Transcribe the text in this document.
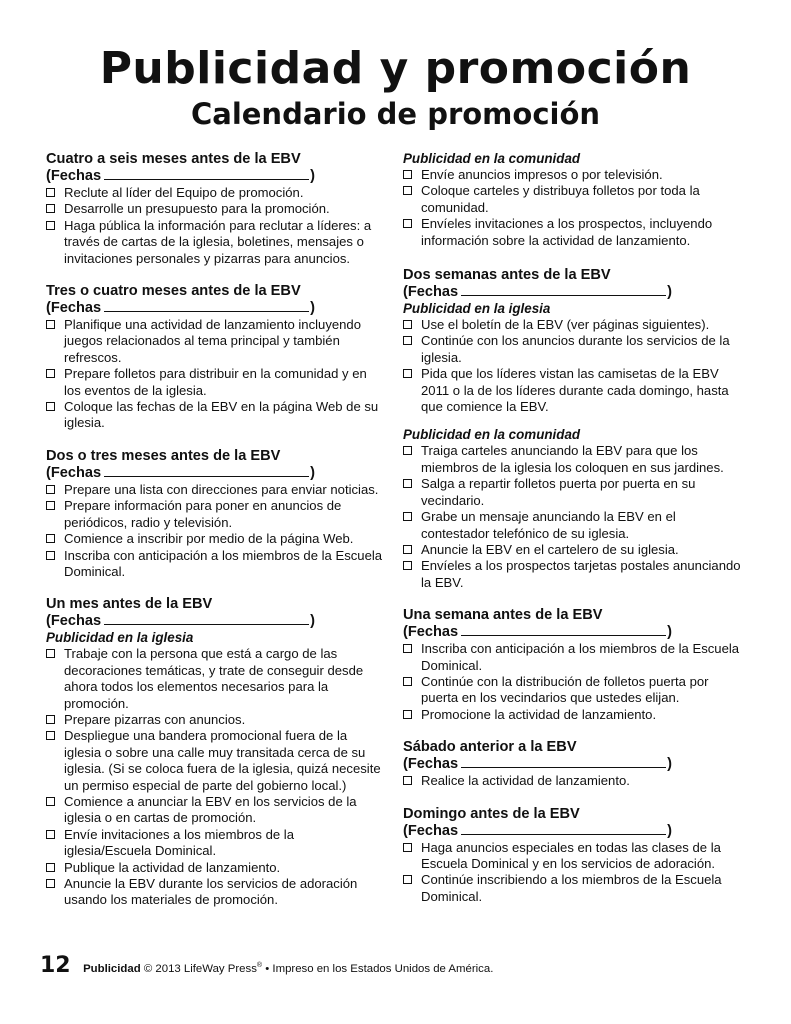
Publicidad y promoción
Calendario de promoción

Cuatro a seis meses antes de la EBV

(Fechas	)

Reclute al líder del Equipo de promoción.
Desarrolle un presupuesto para la promoción.
Haga pública la información para reclutar a líderes: a través de cartas de la iglesia, boletines, mensajes o invitaciones personales y pizarras para anuncios.

Tres o cuatro meses antes de la EBV

(Fechas	)

Planifique una actividad de lanzamiento incluyendo juegos relacionados al tema principal y también refrescos.
Prepare folletos para distribuir en la comunidad y en los eventos de la iglesia.
Coloque las fechas de la EBV en la página Web de su iglesia.

Dos o tres meses antes de la EBV

(Fechas	)

Prepare una lista con direcciones para enviar noticias.
Prepare información para poner en anuncios de periódicos, radio y televisión.
Comience a inscribir por medio de la página Web.
Inscriba con anticipación a los miembros de la Escuela Dominical.

Un mes antes de la EBV

(Fechas	)

Publicidad en la iglesia

Trabaje con la persona que está a cargo de las decoraciones temáticas, y trate de conseguir desde ahora todos los elementos necesarios para la promoción.
Prepare pizarras con anuncios.
Despliegue una bandera promocional fuera de la iglesia o sobre una calle muy transitada cerca de su iglesia. (Si se coloca fuera de la iglesia, quizá necesite un permiso especial de parte del gobierno local.)
Comience a anunciar la EBV en los servicios de la iglesia o en cartas de promoción.
Envíe invitaciones a los miembros de la iglesia/Escuela Dominical.
Publique la actividad de lanzamiento.
Anuncie la EBV durante los servicios de adoración usando los materiales de promoción.

Publicidad en la comunidad

Envíe anuncios impresos o por televisión.
Coloque carteles y distribuya folletos por toda la comunidad.
Envíeles invitaciones a los prospectos, incluyendo información sobre la actividad de lanzamiento.

Dos semanas antes de la EBV

(Fechas	)

Publicidad en la iglesia

Use el boletín de la EBV (ver páginas siguientes).
Continúe con los anuncios durante los servicios de la iglesia.
Pida que los líderes vistan las camisetas de la EBV 2011 o la de los líderes durante cada domingo, hasta que comience la EBV.

Publicidad en la comunidad

Traiga carteles anunciando la EBV para que los miembros de la iglesia los coloquen en sus jardines.
Salga a repartir folletos puerta por puerta en su vecindario.
Grabe un mensaje anunciando la EBV en el contestador telefónico de su iglesia.
Anuncie la EBV en el cartelero de su iglesia.
Envíeles a los prospectos tarjetas postales anunciando la EBV.

Una semana antes de la EBV

(Fechas	)

Inscriba con anticipación a los miembros de la Escuela Dominical.
Continúe con la distribución de folletos puerta por puerta en los vecindarios que ustedes elijan.
Promocione la actividad de lanzamiento.

Sábado anterior a la EBV

(Fechas	)

Realice la actividad de lanzamiento.

Domingo antes de la EBV

(Fechas	)

Haga anuncios especiales en todas las clases de la Escuela Dominical y en los servicios de adoración.
Continúe inscribiendo a los miembros de la Escuela Dominical.
12 Publicidad © 2013 LifeWay Press® • Impreso en los Estados Unidos de América.
